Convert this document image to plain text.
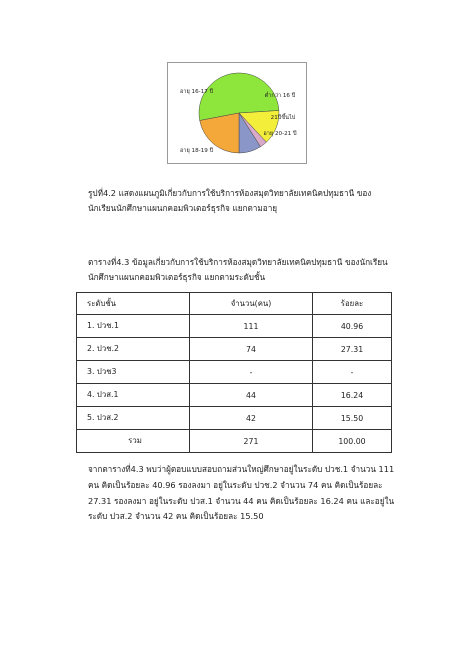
อายุ 16-17 ปี
ต่ำกว่า 16 ปี
21ปีขึ้นไป
อายุ 20-21 ปี
อายุ 18-19 ปี
รูปที่4.2 แสดงแผนภูมิเกี่ยวกับการใช้บริการห้องสมุดวิทยาลัยเทคนิคปทุมธานี ของนักเรียนนักศึกษาแผนกคอมพิวเตอร์ธุรกิจ แยกตามอายุ
ตารางที่4.3 ข้อมูลเกี่ยวกับการใช้บริการห้องสมุดวิทยาลัยเทคนิคปทุมธานี ของนักเรียนนักศึกษาแผนกคอมพิวเตอร์ธุรกิจ แยกตามระดับชั้น
ระดับชั้น	จำนวน(คน)	ร้อยละ
1. ปวช.1	111	40.96
2. ปวช.2	74	27.31
3. ปวช3	-	-
4. ปวส.1	44	16.24
5. ปวส.2	42	15.50
รวม	271	100.00
จากตารางที่4.3 พบว่าผู้ตอบแบบสอบถามส่วนใหญ่ศึกษาอยู่ในระดับ ปวช.1 จำนวน 111 คน คิดเป็นร้อยละ 40.96 รองลงมา อยู่ในระดับ ปวช.2 จำนวน 74 คน คิดเป็นร้อยละ 27.31 รองลงมา อยู่ในระดับ ปวส.1 จำนวน 44 คน คิดเป็นร้อยละ 16.24 คน และอยู่ในระดับ ปวส.2 จำนวน 42 คน คิดเป็นร้อยละ 15.50
